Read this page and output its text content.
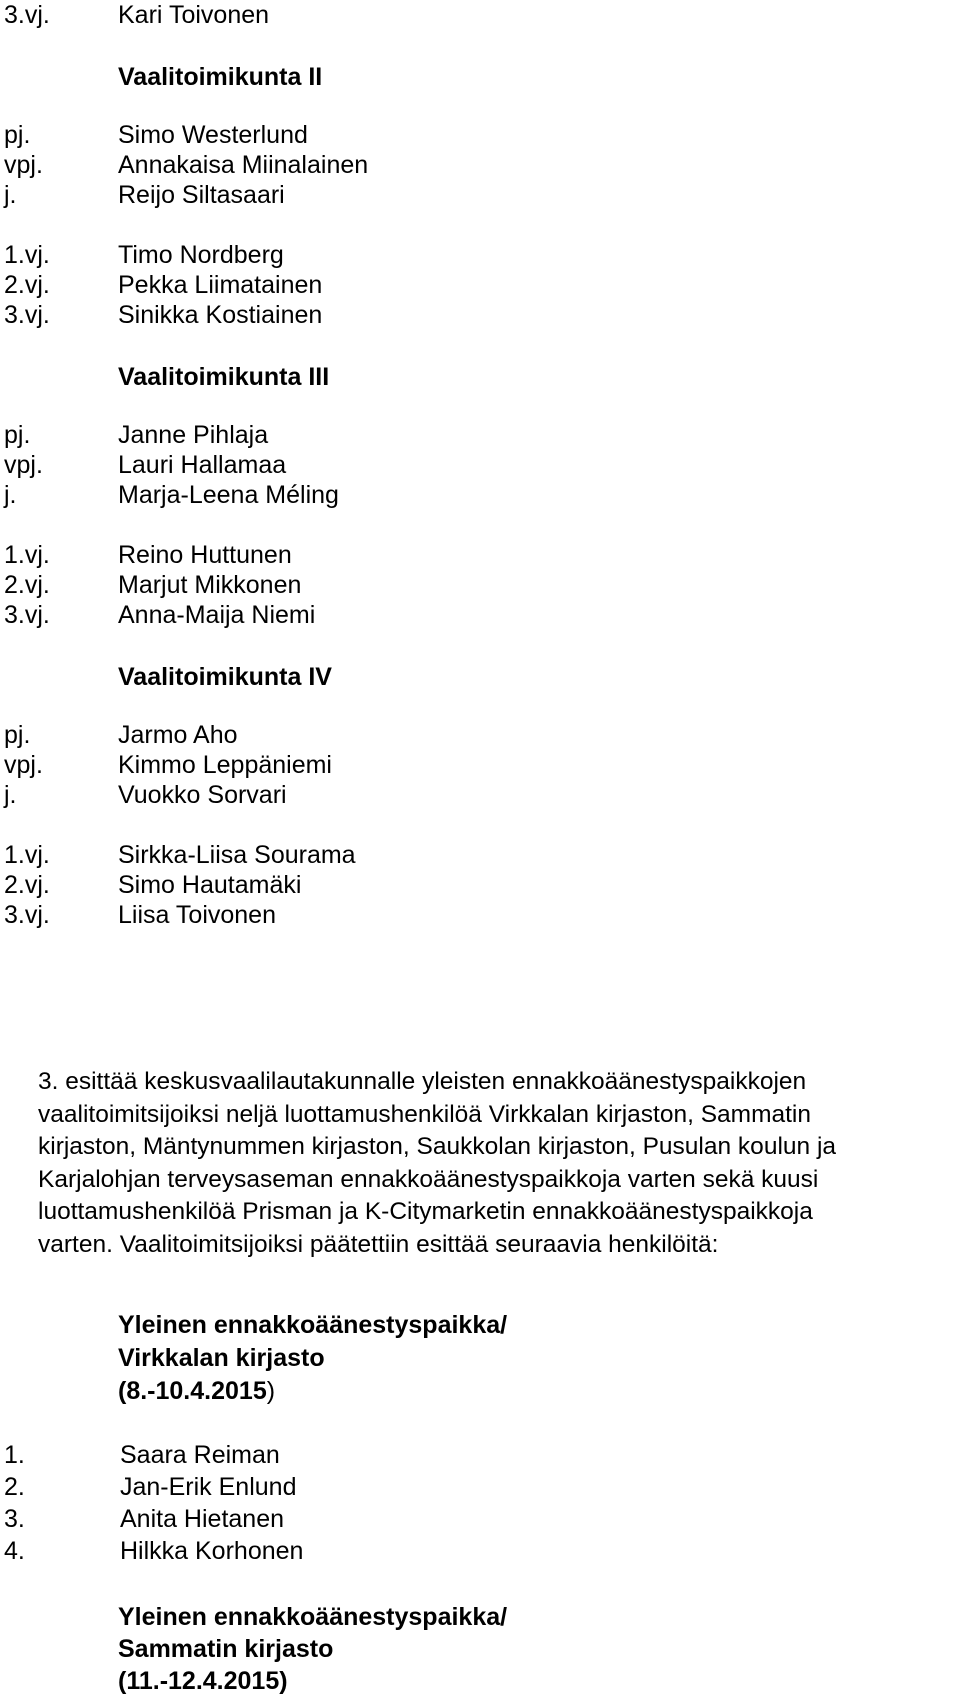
3.vj.	Kari Toivonen
Vaalitoimikunta II
pj.	Simo Westerlund
vpj.	Annakaisa Miinalainen
j.	Reijo Siltasaari
1.vj.	Timo Nordberg
2.vj.	Pekka Liimatainen
3.vj.	Sinikka Kostiainen
Vaalitoimikunta III
pj.	Janne Pihlaja
vpj.	Lauri Hallamaa
j.	Marja-Leena Méling
1.vj.	Reino Huttunen
2.vj.	Marjut Mikkonen
3.vj.	Anna-Maija Niemi
Vaalitoimikunta IV
pj.	Jarmo Aho
vpj.	Kimmo Leppäniemi
j.	Vuokko Sorvari
1.vj.	Sirkka-Liisa Sourama
2.vj.	Simo Hautamäki
3.vj.	Liisa Toivonen
3. esittää keskusvaalilautakunnalle yleisten ennakkoäänestyspaikkojen
vaalitoimitsijoiksi neljä luottamushenkilöä Virkkalan kirjaston, Sammatin
kirjaston, Mäntynummen kirjaston, Saukkolan kirjaston, Pusulan koulun ja
Karjalohjan terveysaseman ennakkoäänestyspaikkoja varten sekä kuusi
luottamushenkilöä Prisman ja K-Citymarketin ennakkoäänestyspaikkoja
varten. Vaalitoimitsijoiksi päätettiin esittää seuraavia henkilöitä:
Yleinen ennakkoäänestyspaikka/
Virkkalan kirjasto
(8.-10.4.2015)
1.	Saara Reiman
2.	Jan-Erik Enlund
3.	Anita Hietanen
4.	Hilkka Korhonen
Yleinen ennakkoäänestyspaikka/
Sammatin kirjasto
(11.-12.4.2015)
